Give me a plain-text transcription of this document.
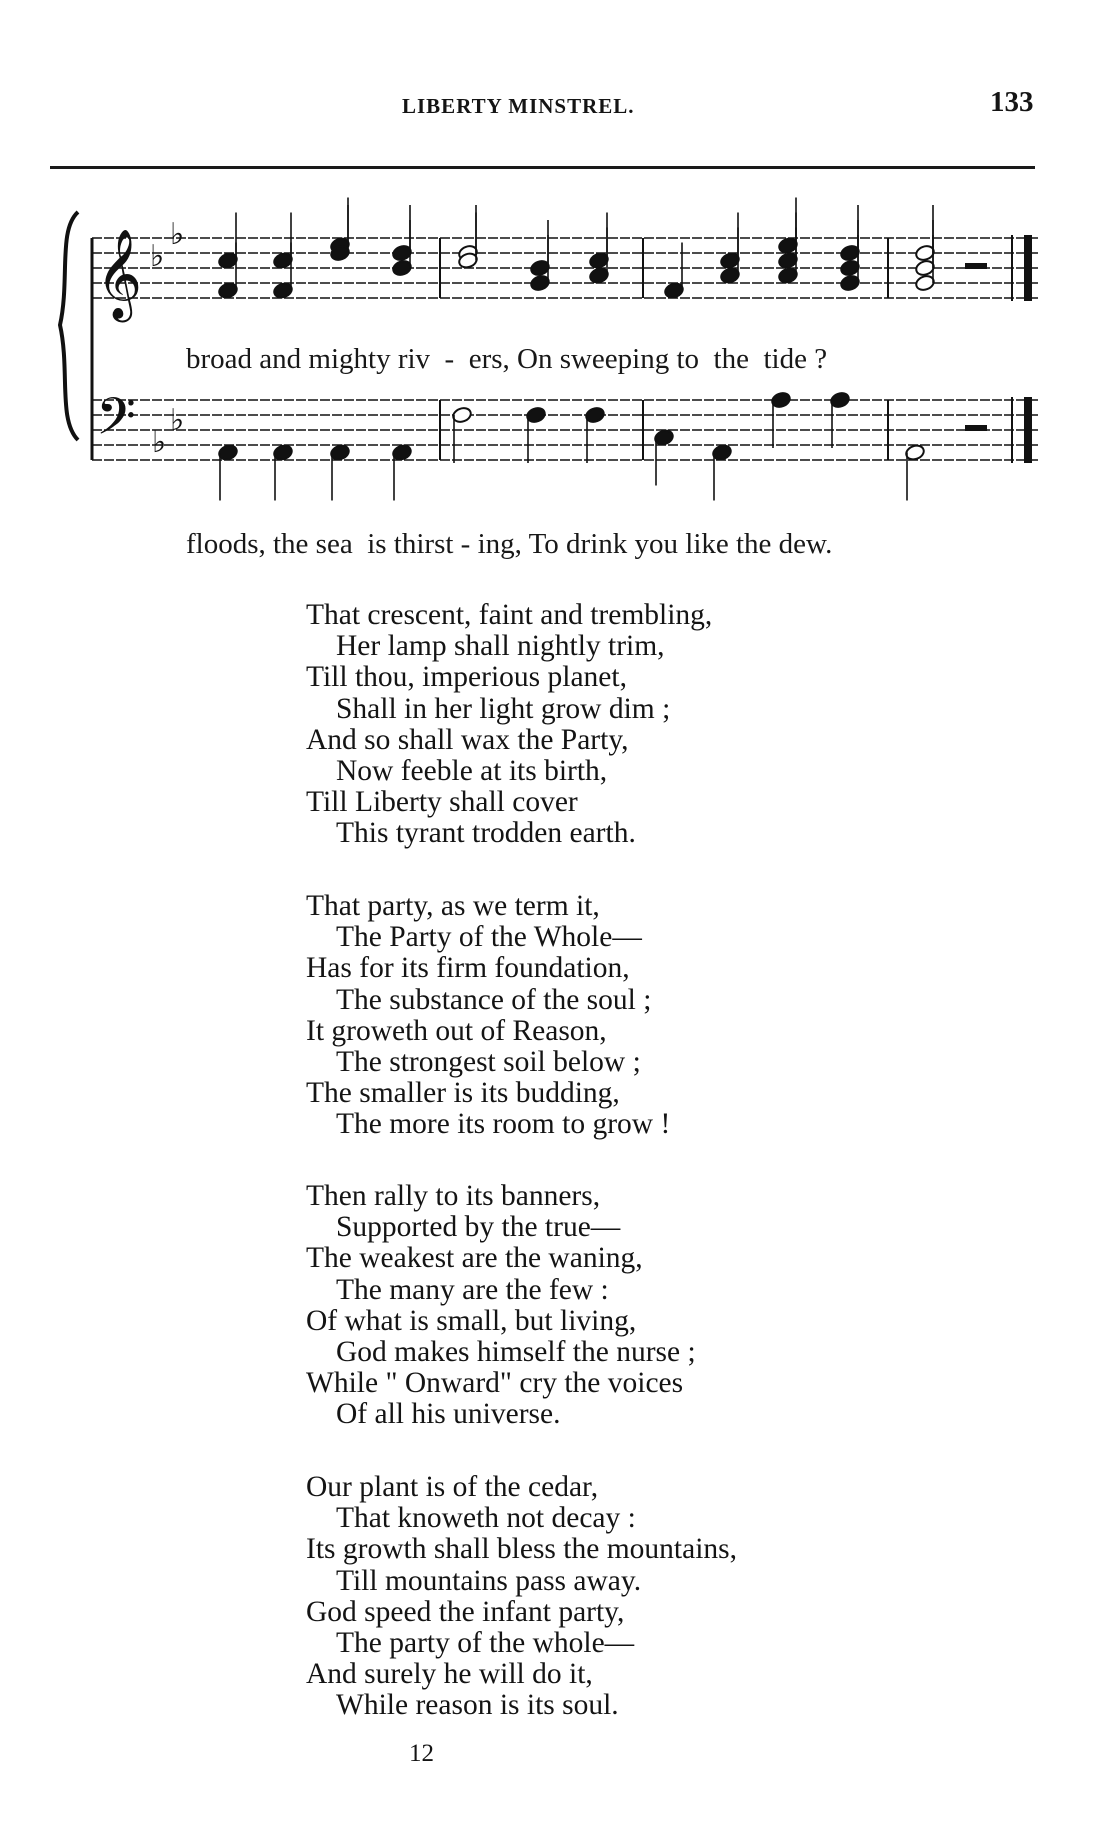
LIBERTY MINSTREL.	133
𝄞
𝄢
♭
♭
♭
♭
broad and mighty riv  -  ers, On sweeping to  the  tide ?
floods, the sea  is thirst - ing, To drink you like the dew.
That crescent, faint and trembling,
Her lamp shall nightly trim,
Till thou, imperious planet,
Shall in her light grow dim ;
And so shall wax the Party,
Now feeble at its birth,
Till Liberty shall cover
This tyrant trodden earth.
That party, as we term it,
The Party of the Whole—
Has for its firm foundation,
The substance of the soul ;
It groweth out of Reason,
The strongest soil below ;
The smaller is its budding,
The more its room to grow !
Then rally to its banners,
Supported by the true—
The weakest are the waning,
The many are the few :
Of what is small, but living,
God makes himself the nurse ;
While " Onward" cry the voices
Of all his universe.
Our plant is of the cedar,
That knoweth not decay :
Its growth shall bless the mountains,
Till mountains pass away.
God speed the infant party,
The party of the whole—
And surely he will do it,
While reason is its soul.
12
